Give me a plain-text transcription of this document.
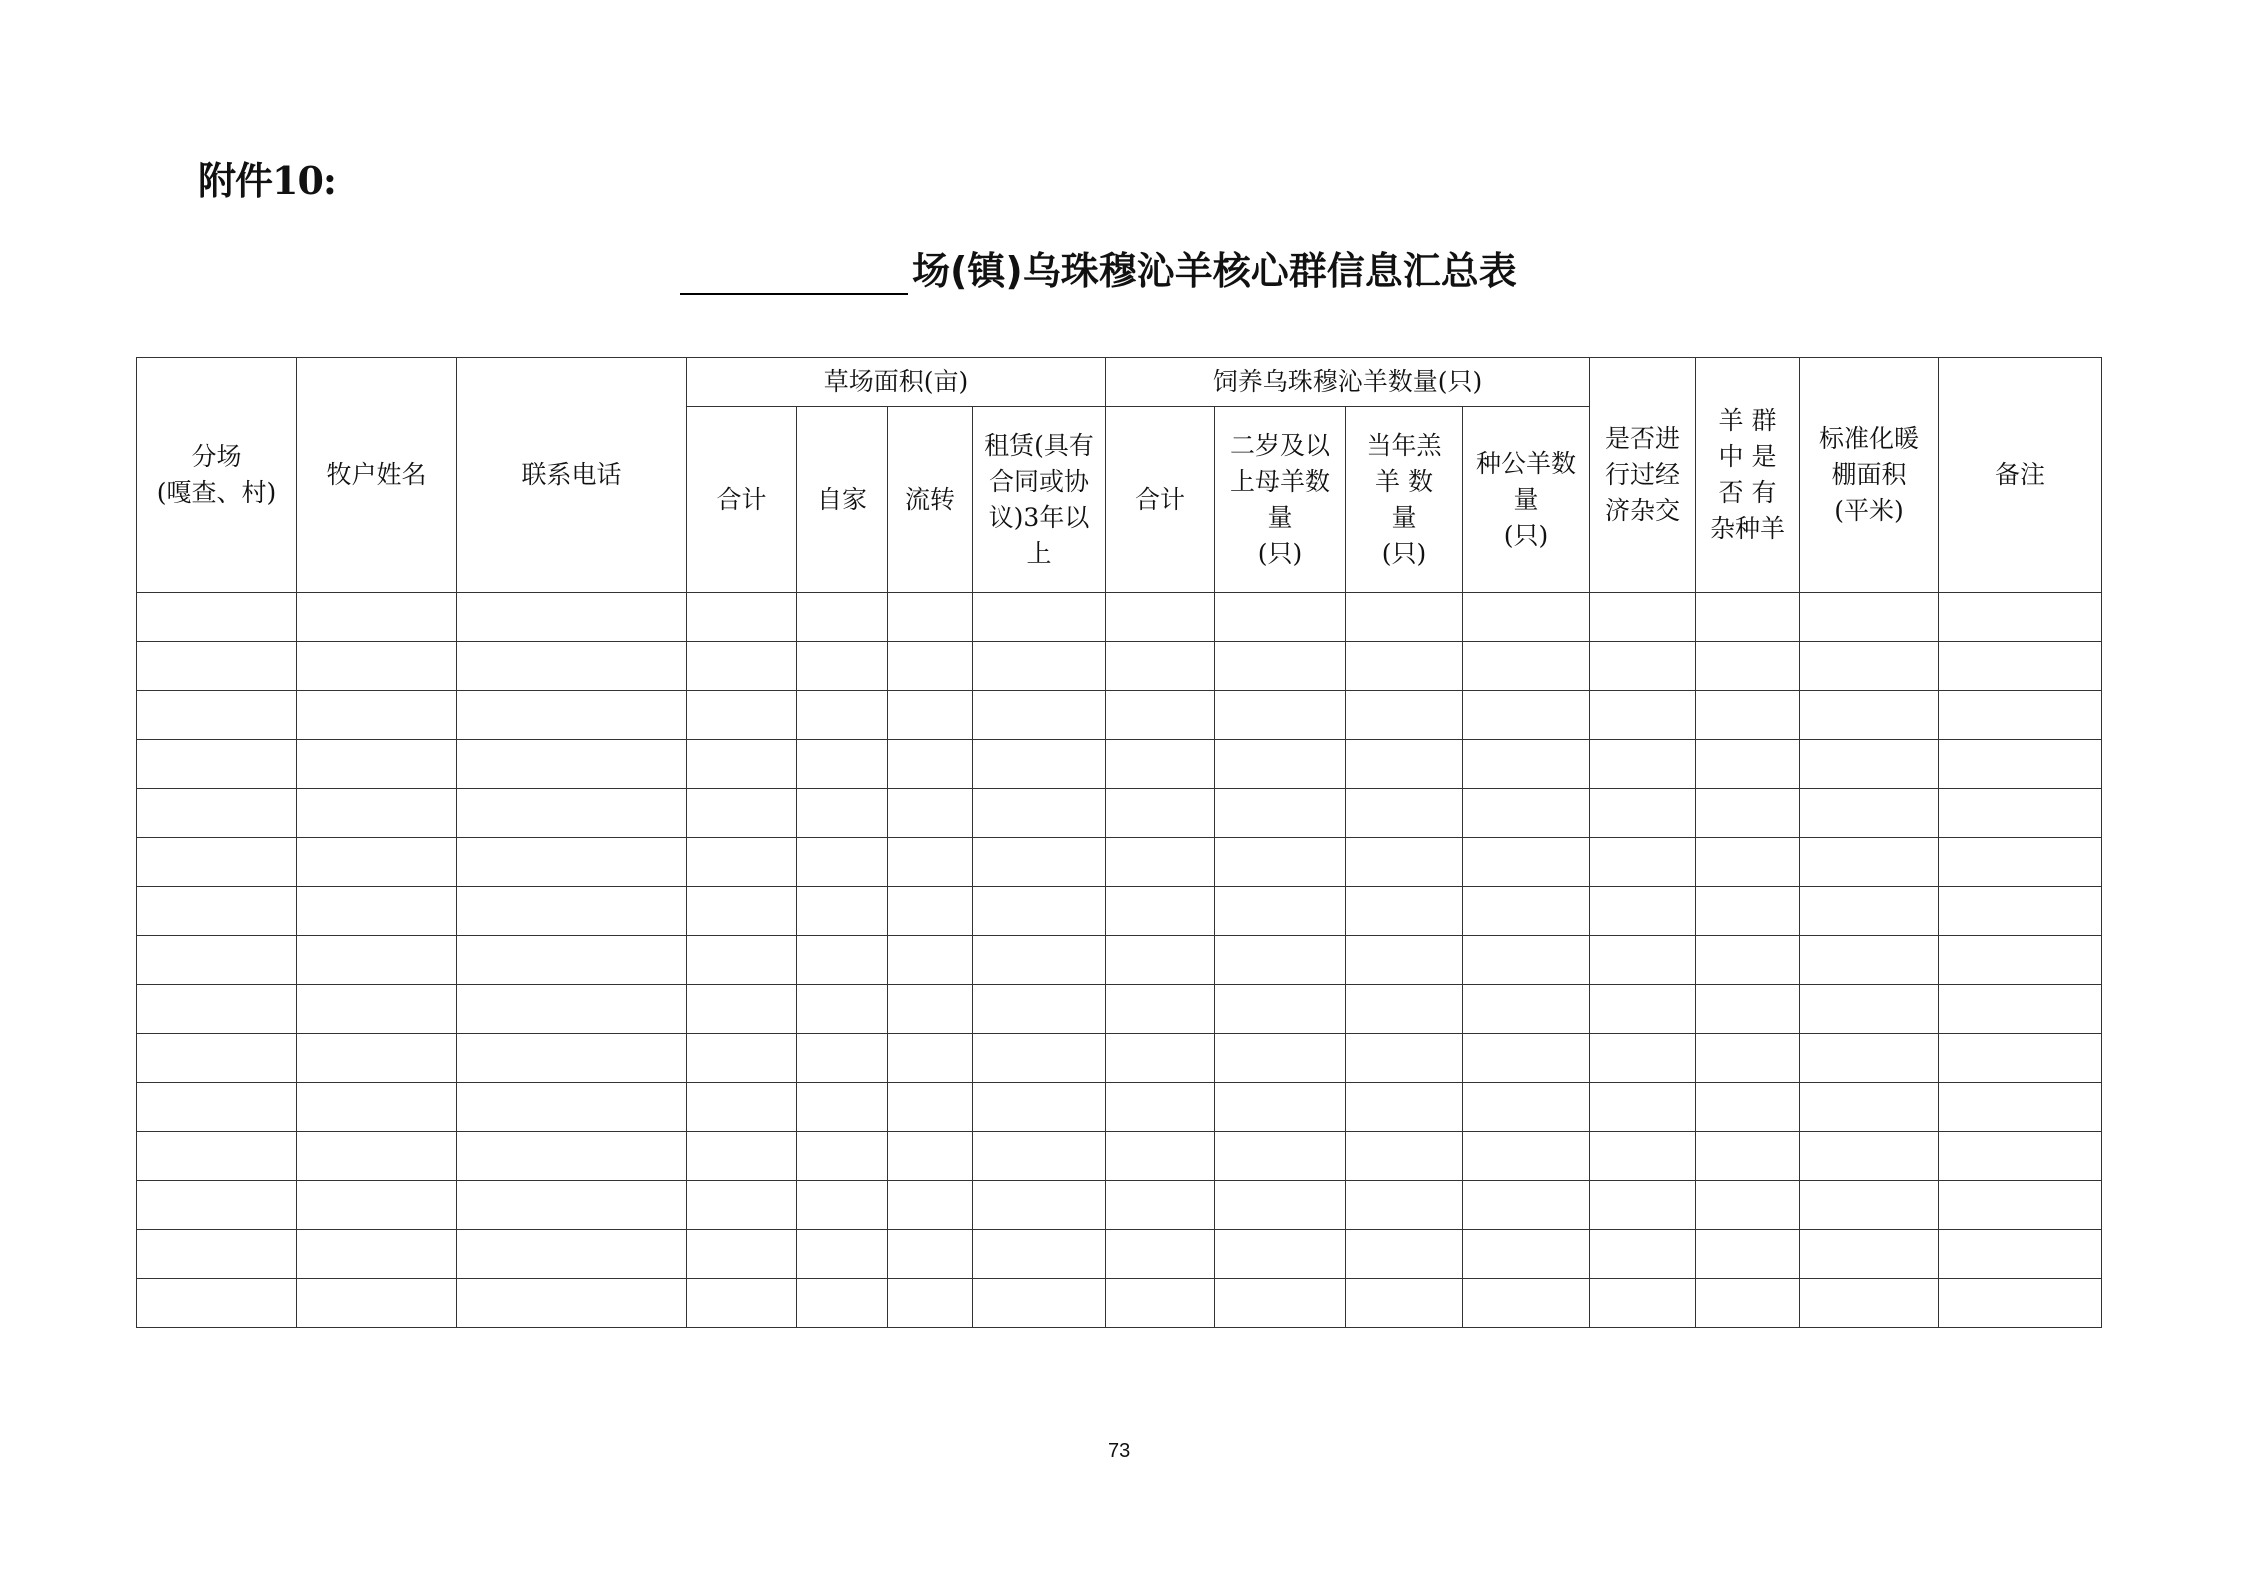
附件10:
场(镇)乌珠穆沁羊核心群信息汇总表
分场
(嘎查、村)	牧户姓名	联系电话	草场面积(亩)				饲养乌珠穆沁羊数量(只)				是否进
行过经
济杂交	羊 群
中 是
否 有
杂种羊	标准化暖
棚面积
(平米)	备注
			合计	自家	流转	租赁(具有
合同或协
议)3年以
上	合计	二岁及以
上母羊数
量
(只)	当年羔
羊 数
量
(只)	种公羊数
量
(只)				

73
